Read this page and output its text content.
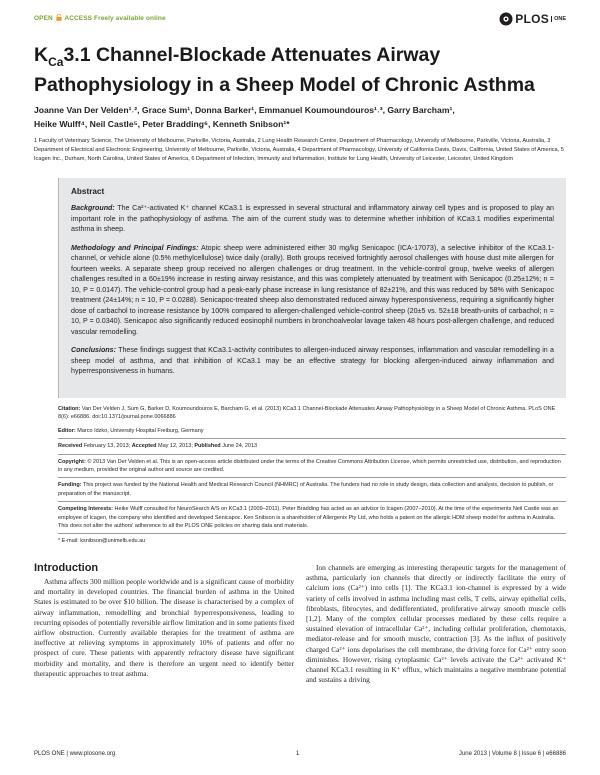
OPEN ACCESS Freely available online	PLOS ONE
$K_{Ca}3.1$ Channel-Blockade Attenuates Airway
Pathophysiology in a Sheep Model of Chronic Asthma
Joanne Van Der Velden¹˒², Grace Sum¹, Donna Barker¹, Emmanuel Koumoundouros¹˒³, Garry Barcham¹,
Heike Wulff⁴, Neil Castle⁵, Peter Bradding⁶, Kenneth Snibson¹*
1 Faculty of Veterinary Science, The University of Melbourne, Parkville, Victoria, Australia, 2 Lung Health Research Centre, Department of Pharmacology, University of Melbourne, Parkville, Victoria, Australia, 3 Department of Electrical and Electronic Engineering, University of Melbourne, Parkville, Victoria, Australia, 4 Department of Pharmacology, University of California Davis, Davis, California, United States of America, 5 Icagen Inc., Durham, North Carolina, United States of America, 6 Department of Infection, Immunity and Inflammation, Institute for Lung Health, University of Leicester, Leicester, United Kingdom
Abstract

Background: The Ca²⁺-activated K⁺ channel KCa3.1 is expressed in several structural and inflammatory airway cell types and is proposed to play an important role in the pathophysiology of asthma. The aim of the current study was to determine whether inhibition of KCa3.1 modifies experimental asthma in sheep.

Methodology and Principal Findings: Atopic sheep were administered either 30 mg/kg Senicapoc (ICA-17073), a selective inhibitor of the KCa3.1-channel, or vehicle alone (0.5% methylcellulose) twice daily (orally). Both groups received fortnightly aerosol challenges with house dust mite allergen for fourteen weeks. A separate sheep group received no allergen challenges or drug treatment. In the vehicle-control group, twelve weeks of allergen challenges resulted in a 60±19% increase in resting airway resistance, and this was completely attenuated by treatment with Senicapoc (0.25±12%; n = 10, P = 0.0147). The vehicle-control group had a peak-early phase increase in lung resistance of 82±21%, and this was reduced by 58% with Senicapoc treatment (24±14%; n = 10, P = 0.0288). Senicapoc-treated sheep also demonstrated reduced airway hyperesponsiveness, requiring a significantly higher dose of carbachol to increase resistance by 100% compared to allergen-challenged vehicle-control sheep (20±5 vs. 52±18 breath-units of carbachol; n = 10, P = 0.0340). Senicapoc also significantly reduced eosinophil numbers in bronchoalveolar lavage taken 48 hours post-allergen challenge, and reduced vascular remodelling.

Conclusions: These findings suggest that KCa3.1-activity contributes to allergen-induced airway responses, inflammation and vascular remodelling in a sheep model of asthma, and that inhibition of KCa3.1 may be an effective strategy for blocking allergen-induced airway inflammation and hyperresponsiveness in humans.

Citation: Van Der Velden J, Sum G, Barker D, Koumoundouros E, Barcham G, et al. (2013) KCa3.1 Channel-Blockade Attenuates Airway Pathophysiology in a Sheep Model of Chronic Asthma. PLoS ONE 8(6): e66886. doi:10.1371/journal.pone.0066886

Editor: Marco Idzko, University Hospital Freiburg, Germany

Received February 13, 2013; Accepted May 12, 2013; Published June 24, 2013

Copyright: © 2013 Van Der Velden et al. This is an open-access article distributed under the terms of the Creative Commons Attribution License, which permits unrestricted use, distribution, and reproduction in any medium, provided the original author and source are credited.

Funding: This project was funded by the National Health and Medical Research Council (NHMRC) of Australia. The funders had no role in study design, data collection and analysis, decision to publish, or preparation of the manuscript.

Competing Interests: Heike Wulff consulted for NeuroSearch A/S on KCa3.1 (2009–2011). Peter Bradding has acted as an advisor to Icagen (2007–2010). At the time of the experiments Neil Castle was an employee of Icagen, the company who identified and developed Senicapoc. Ken Snibson is a shareholder of Allergenix Pty Ltd, who holds a patent on the allergic HDM sheep model for asthma in Australia. This does not alter the authors' adherence to all the PLOS ONE policies on sharing data and materials.

* E-mail: ksnibson@unimelb.edu.au

Introduction

Asthma affects 300 million people worldwide and is a significant cause of morbidity and mortality in developed countries. The financial burden of asthma in the United States is estimated to be over $10 billion. The disease is characterised by a complex of airway inflammation, remodelling and bronchial hyperresponsiveness, leading to recurring episodes of potentially reversible airflow limitation and in some patients fixed airflow obstruction. Currently available therapies for the treatment of asthma are ineffective at relieving symptoms in approximately 10% of patients and offer no prospect of cure. These patients with apparently refractory disease have significant morbidity and mortality, and there is therefore an urgent need to identify better therapeutic approaches to treat asthma.

Ion channels are emerging as interesting therapeutic targets for the management of asthma, particularly ion channels that directly or indirectly facilitate the entry of calcium ions (Ca²⁺) into cells [1]. The KCa3.1 ion-channel is expressed by a wide variety of cells involved in asthma including mast cells, T cells, airway epithelial cells, fibroblasts, fibrocytes, and dedifferentiated, proliferative airway smooth muscle cells [1,2]. Many of the complex cellular processes mediated by these cells require a sustained elevation of intracellular Ca²⁺, including cellular proliferation, chemotaxis, mediator-release and for smooth muscle, contraction [3]. As the influx of positively charged Ca²⁺ ions depolarises the cell membrane, the driving force for Ca²⁺ entry soon diminishes. However, rising cytoplasmic Ca²⁺ levels activate the Ca²⁺ activated K⁺ channel KCa3.1 resulting in K⁺ efflux, which maintains a negative membrane potential and sustains a driving

PLOS ONE | www.plosone.org	1	June 2013 | Volume 8 | Issue 6 | e66886
